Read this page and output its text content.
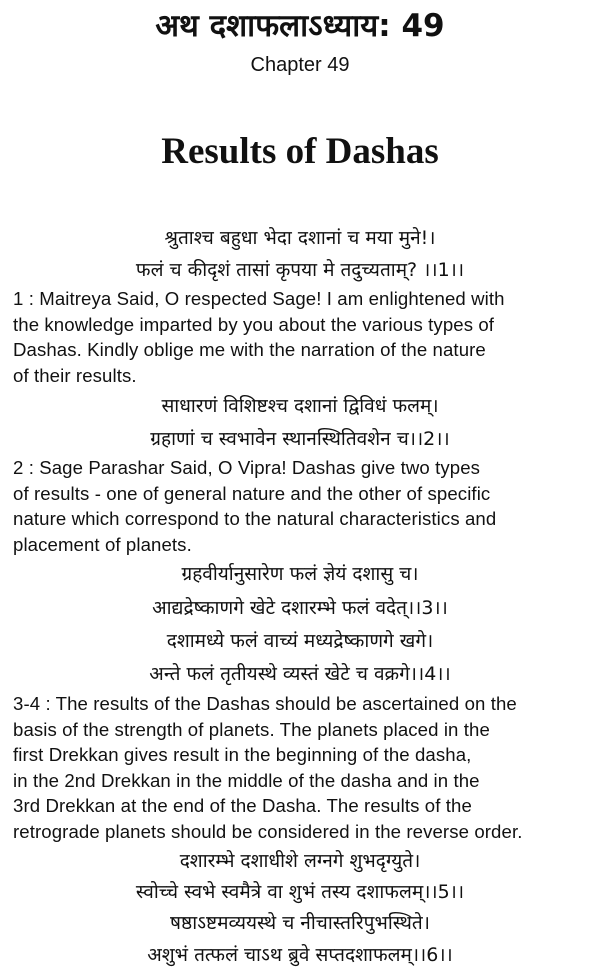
अथ दशाफलाऽध्याय: 49
Chapter 49
Results of Dashas
श्रुताश्च बहुधा भेदा दशानां च मया मुने!।
फलं च कीदृशं तासां कृपया मे तदुच्यताम्? ।।1।।
1 : Maitreya Said, O respected Sage! I am enlightened with
the knowledge imparted by you about the various types of
Dashas. Kindly oblige me with the narration of the nature
of their results.
साधारणं विशिष्टश्च दशानां द्विविधं फलम्।
ग्रहाणां च स्वभावेन स्थानस्थितिवशेन च।।2।।
2 : Sage Parashar Said, O Vipra! Dashas give two types
of results - one of general nature and the other of specific
nature which correspond to the natural characteristics and
placement of planets.
ग्रहवीर्यानुसारेण फलं ज्ञेयं दशासु च।
आद्यद्रेष्काणगे खेटे दशारम्भे फलं वदेत्।।3।।
दशामध्ये फलं वाच्यं मध्यद्रेष्काणगे खगे।
अन्ते फलं तृतीयस्थे व्यस्तं खेटे च वक्रगे।।4।।
3-4 : The results of the Dashas should be ascertained on the
basis of the strength of planets. The planets placed in the
first Drekkan gives result in the beginning of the dasha,
in the 2nd Drekkan in the middle of the dasha and in the
3rd Drekkan at the end of the Dasha. The results of the
retrograde planets should be considered in the reverse order.
दशारम्भे दशाधीशे लग्नगे शुभदृग्युते।
स्वोच्चे स्वभे स्वमैत्रे वा शुभं तस्य दशाफलम्।।5।।
षष्ठाऽष्टमव्ययस्थे च नीचास्तरिपुभस्थिते।
अशुभं तत्फलं चाऽथ ब्रुवे सप्तदशाफलम्।।6।।
